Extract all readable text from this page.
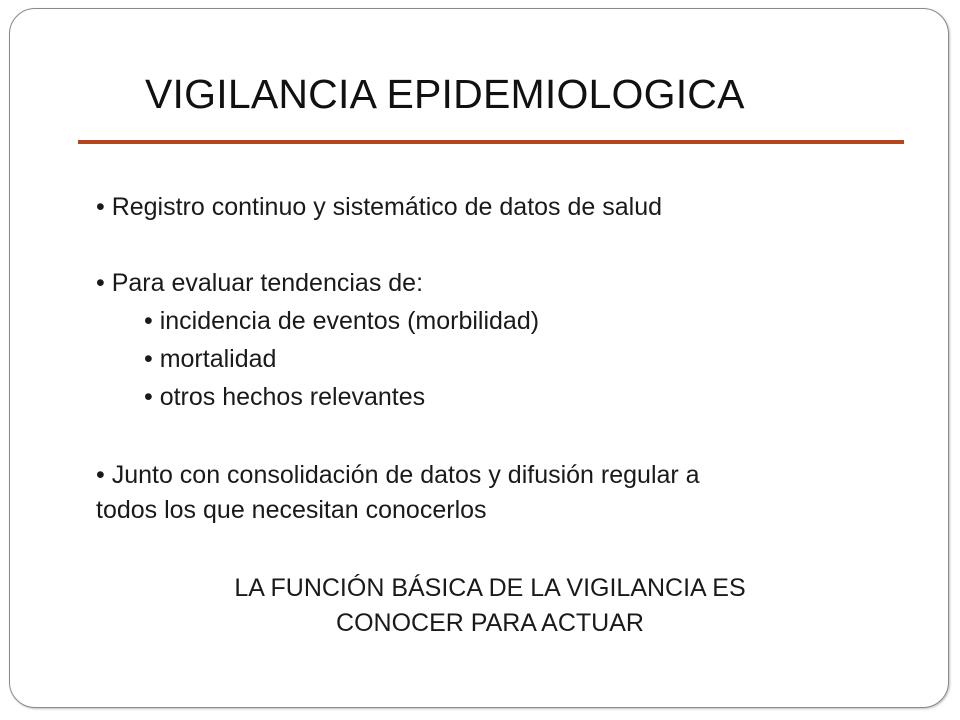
VIGILANCIA EPIDEMIOLOGICA
• Registro continuo y sistemático de datos de salud
• Para evaluar tendencias de:
• incidencia de eventos (morbilidad)
• mortalidad
• otros hechos relevantes
• Junto con consolidación de datos y difusión regular a
todos los que necesitan conocerlos
LA FUNCIÓN BÁSICA DE LA VIGILANCIA ES
CONOCER PARA ACTUAR
